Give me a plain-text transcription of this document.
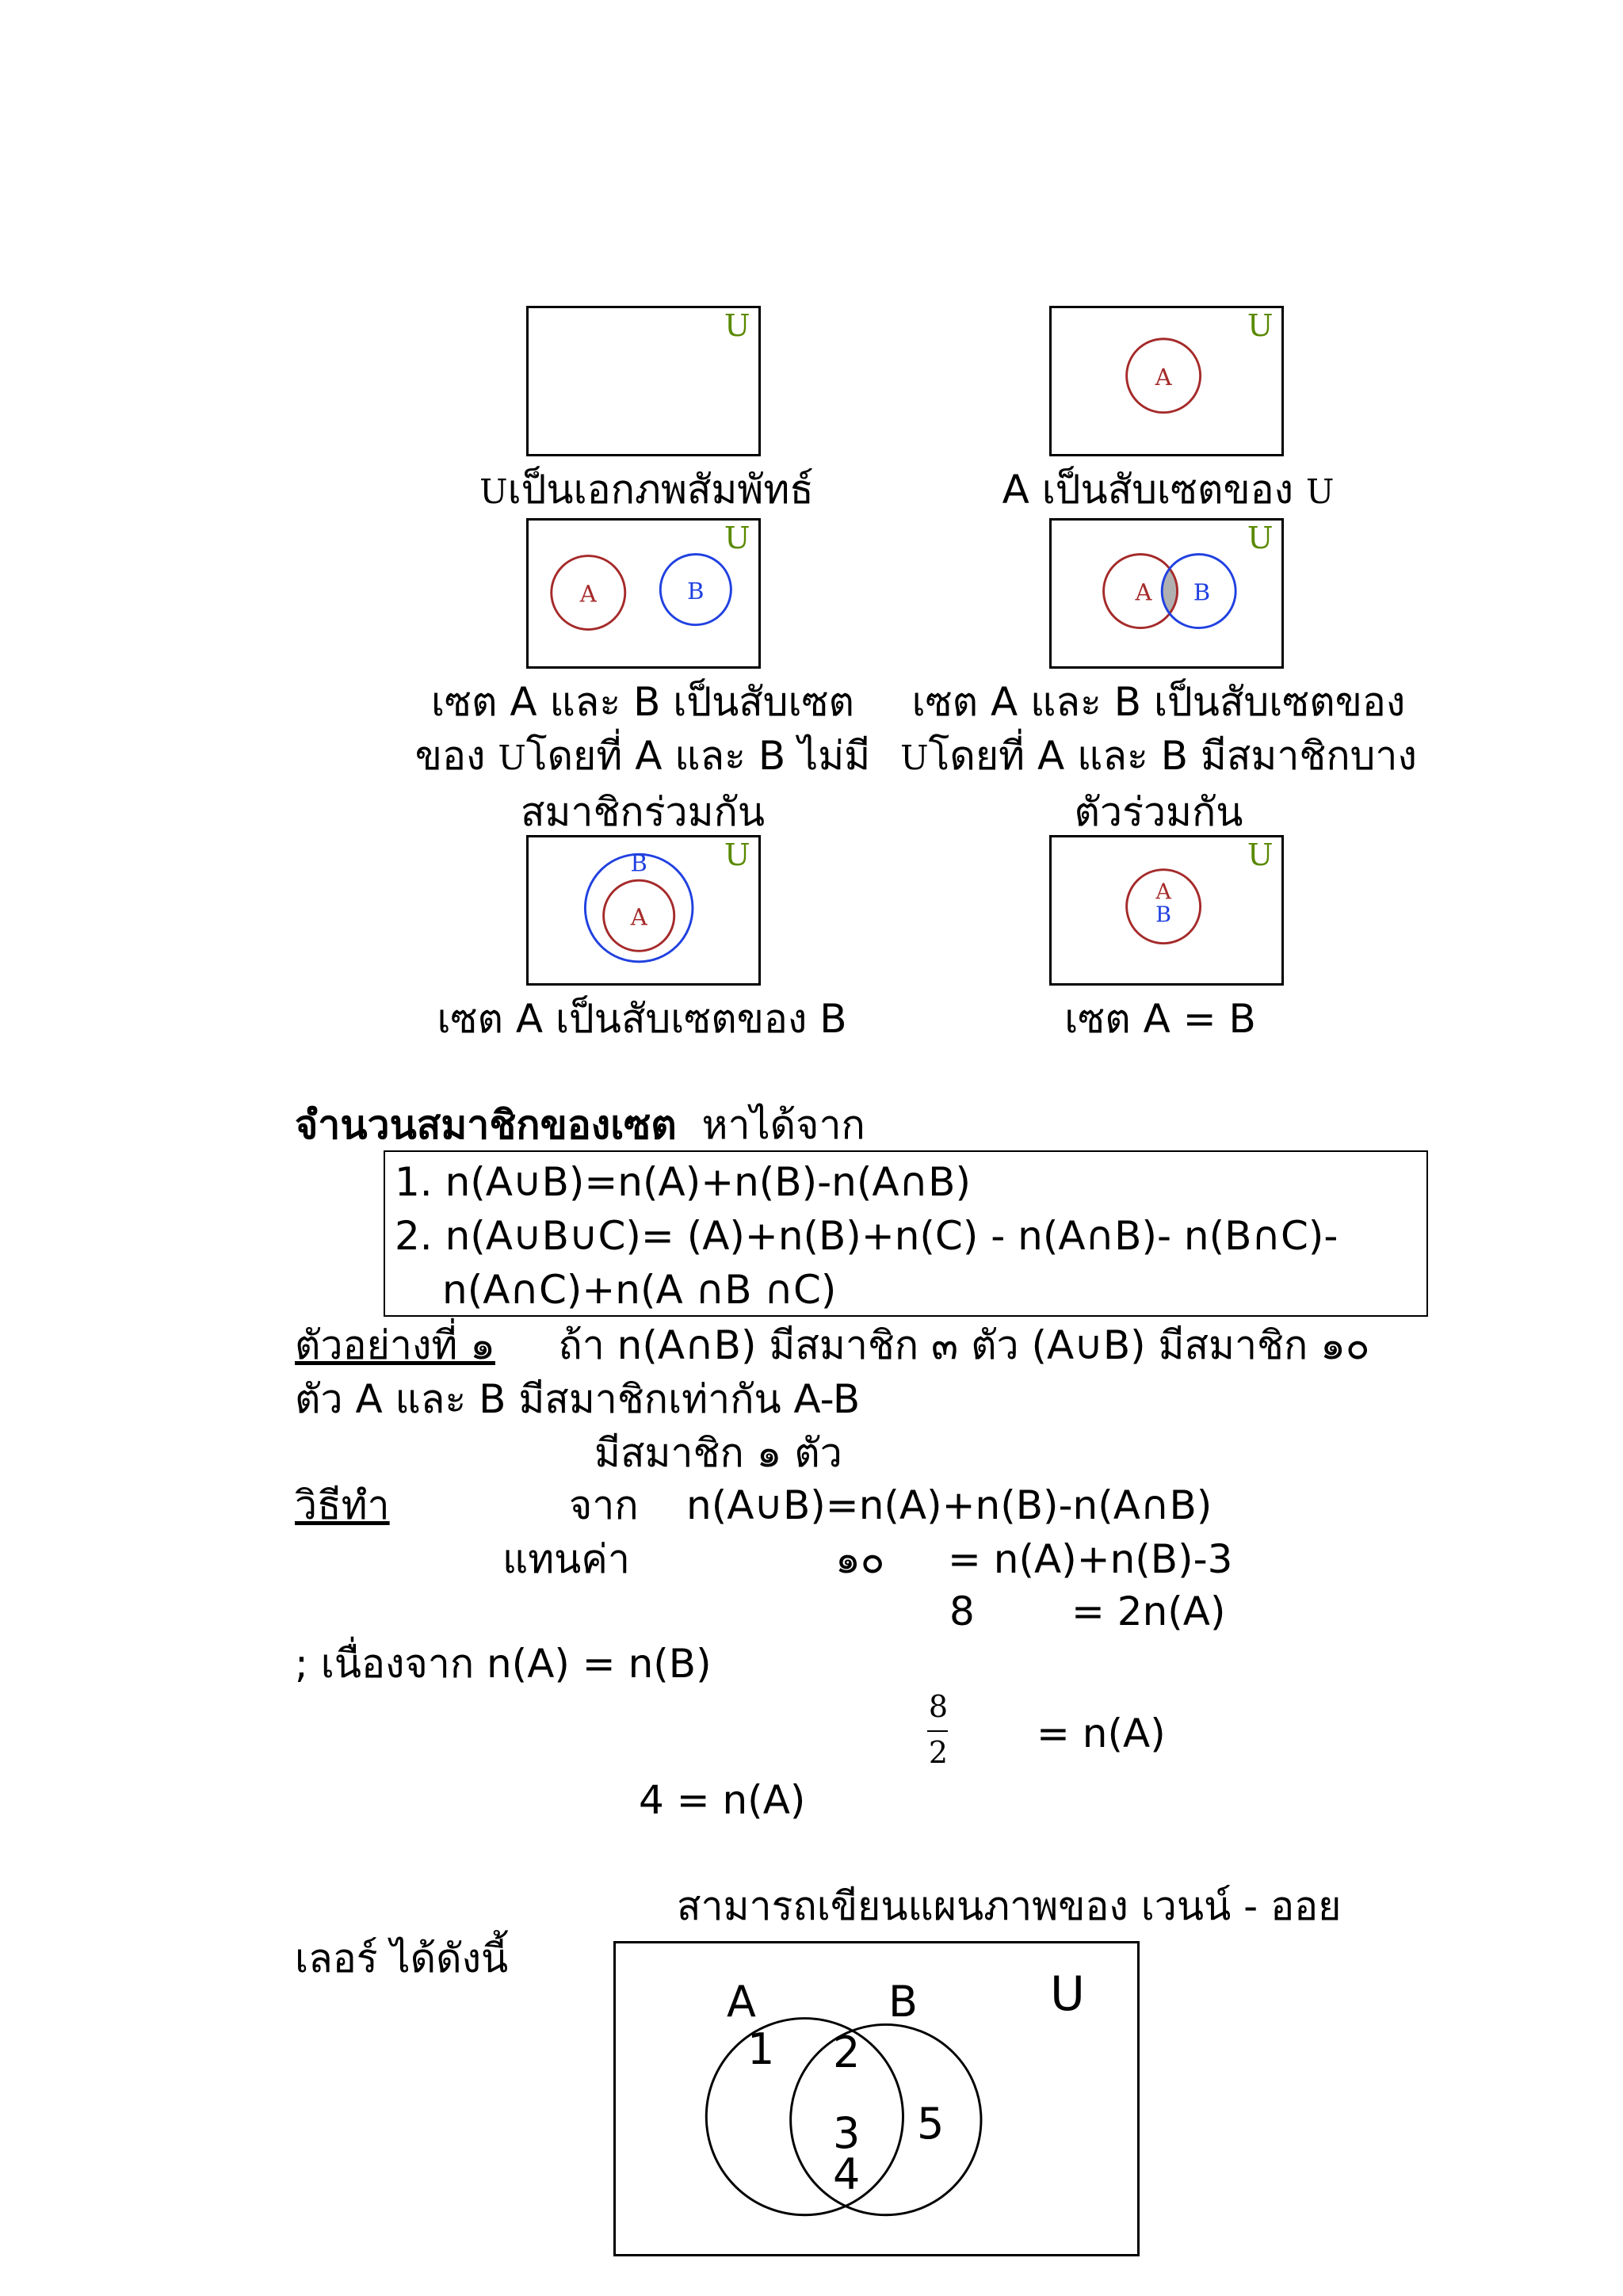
U	U
A
Uเป็นเอกภพสัมพัทธ์	A เป็นสับเซตของ U
U
A	B
U
A B
เซต A และ B เป็นสับเซต
ของ Uโดยที่ A และ B ไม่มี
สมาชิกร่วมกัน
เซต A และ B เป็นสับเซตของ
Uโดยที่ A และ B มีสมาชิกบาง
ตัวร่วมกัน
U
B
A
U
A
B
เซต A เป็นสับเซตของ B	เซต A = B
จำนวนสมาชิกของเซต หาได้จาก
1. n(A∪B)=n(A)+n(B)-n(A∩B)
2. n(A∪B∪C)= (A)+n(B)+n(C) - n(A∩B)- n(B∩C)-
n(A∩C)+n(A ∩B ∩C)
ตัวอย่างที่ ๑ ถ้า n(A∩B) มีสมาชิก ๓ ตัว (A∪B) มีสมาชิก ๑๐
ตัว A และ B มีสมาชิกเท่ากัน A-B
มีสมาชิก ๑ ตัว
วิธีทำ	จาก n(A∪B)=n(A)+n(B)-n(A∩B)
แทนค่า	๑๐ = n(A)+n(B)-3
8 = 2n(A)
; เนื่องจาก n(A) = n(B)
8
2 = n(A)
4 = n(A)
สามารถเขียนแผนภาพของ เวนน์ - ออย
เลอร์ ได้ดังนี้
A	B	U
1 2
3
4
5
